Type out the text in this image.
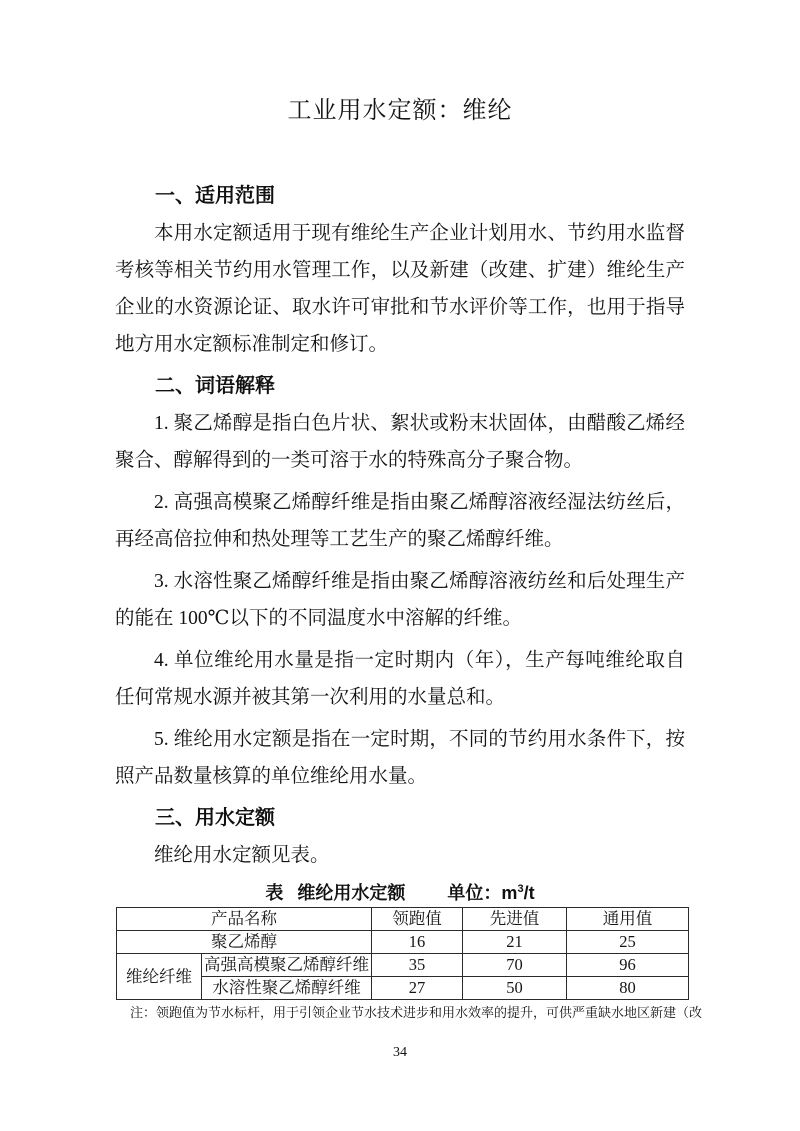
工业用水定额：维纶
一、适用范围

本用水定额适用于现有维纶生产企业计划用水、节约用水监督考核等相关节约用水管理工作，以及新建（改建、扩建）维纶生产企业的水资源论证、取水许可审批和节水评价等工作，也用于指导地方用水定额标准制定和修订。

二、词语解释

1. 聚乙烯醇是指白色片状、絮状或粉末状固体，由醋酸乙烯经聚合、醇解得到的一类可溶于水的特殊高分子聚合物。

2. 高强高模聚乙烯醇纤维是指由聚乙烯醇溶液经湿法纺丝后，再经高倍拉伸和热处理等工艺生产的聚乙烯醇纤维。

3. 水溶性聚乙烯醇纤维是指由聚乙烯醇溶液纺丝和后处理生产的能在 100℃以下的不同温度水中溶解的纤维。

4. 单位维纶用水量是指一定时期内（年），生产每吨维纶取自任何常规水源并被其第一次利用的水量总和。

5. 维纶用水定额是指在一定时期，不同的节约用水条件下，按照产品数量核算的单位维纶用水量。

三、用水定额

维纶用水定额见表。

表 维纶用水定额 单位：$m^3/t$
产品名称		领跑值	先进值	通用值
聚乙烯醇		16	21	25
维纶纤维	高强高模聚乙烯醇纤维	35	70	96
	水溶性聚乙烯醇纤维	27	50	80
注：领跑值为节水标杆，用于引领企业节水技术进步和用水效率的提升，可供严重缺水地区新建（改
34
